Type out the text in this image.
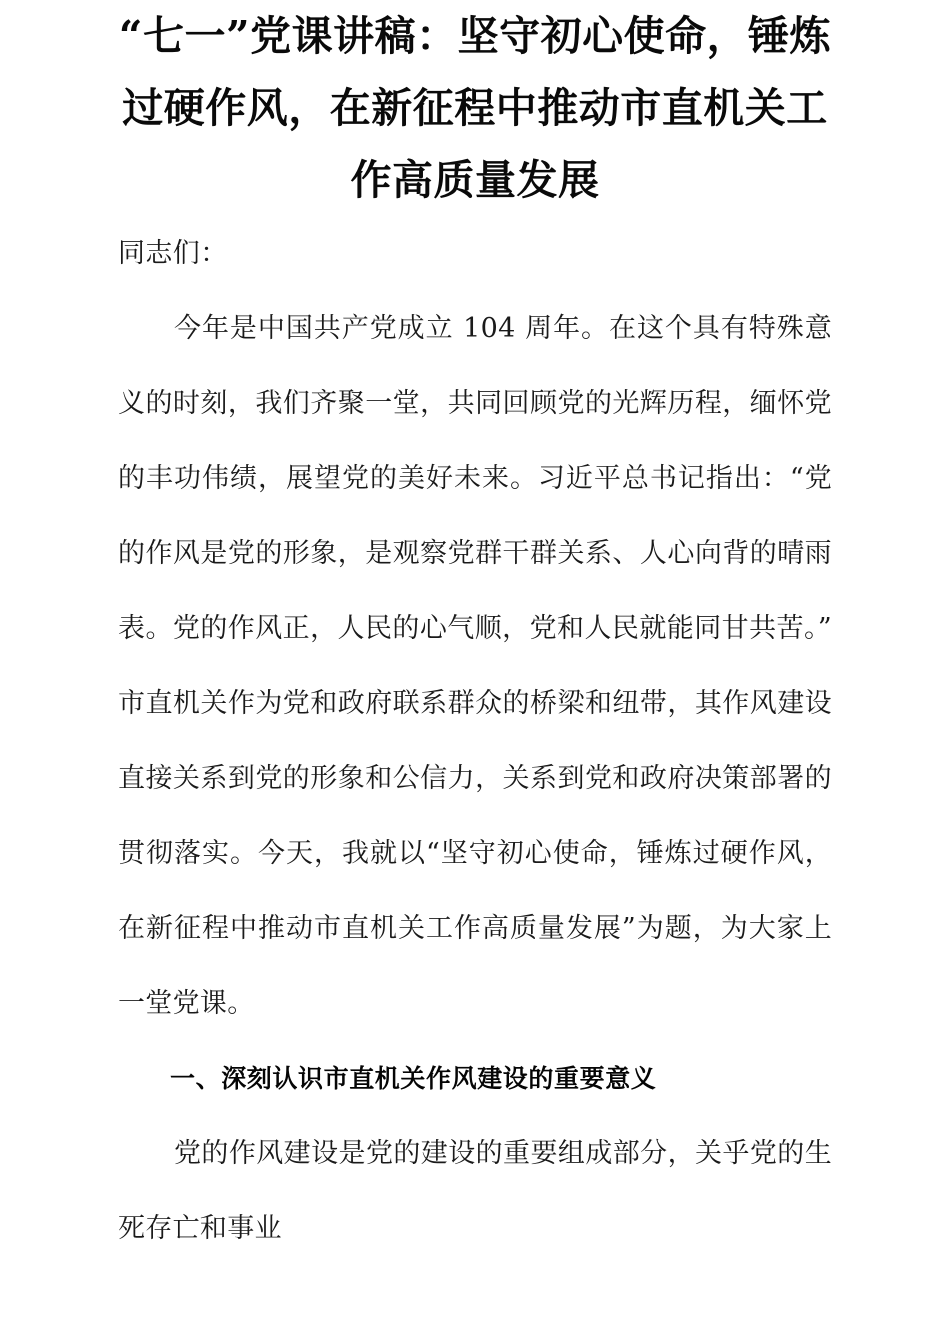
“七一”党课讲稿：坚守初心使命，锤炼过硬作风，在新征程中推动市直机关工作高质量发展

同志们：

今年是中国共产党成立 104 周年。在这个具有特殊意义的时刻，我们齐聚一堂，共同回顾党的光辉历程，缅怀党的丰功伟绩，展望党的美好未来。习近平总书记指出：“党的作风是党的形象，是观察党群干群关系、人心向背的晴雨表。党的作风正，人民的心气顺，党和人民就能同甘共苦。”市直机关作为党和政府联系群众的桥梁和纽带，其作风建设直接关系到党的形象和公信力，关系到党和政府决策部署的贯彻落实。今天，我就以“坚守初心使命，锤炼过硬作风，在新征程中推动市直机关工作高质量发展”为题，为大家上一堂党课。

一、深刻认识市直机关作风建设的重要意义

党的作风建设是党的建设的重要组成部分，关乎党的生死存亡和事业
